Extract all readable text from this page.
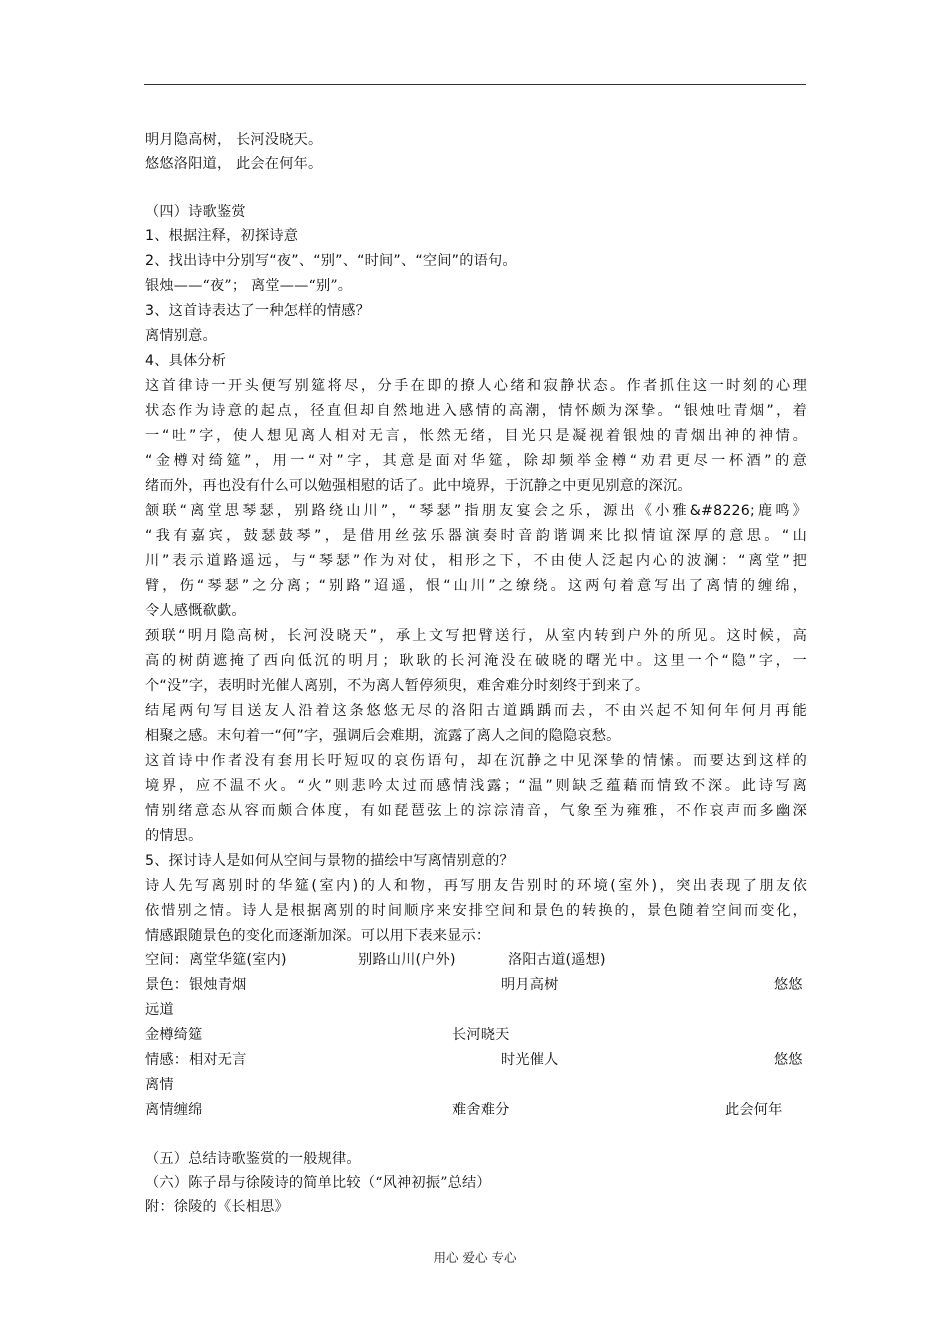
明月隐高树， 长河没晓天。
悠悠洛阳道， 此会在何年。
（四）诗歌鉴赏
1、根据注释，初探诗意
2、找出诗中分别写“夜”、“别”、“时间”、“空间”的语句。
银烛——“夜”； 离堂——“别”。
3、这首诗表达了一种怎样的情感？
离情别意。
4、具体分析
这首律诗一开头便写别筵将尽，分手在即的撩人心绪和寂静状态。作者抓住这一时刻的心理
状态作为诗意的起点，径直但却自然地进入感情的高潮，情怀颇为深挚。“银烛吐青烟”，着
一“吐”字，使人想见离人相对无言，怅然无绪，目光只是凝视着银烛的青烟出神的神情。
“金樽对绮筵”，用一“对”字，其意是面对华筵，除却频举金樽“劝君更尽一杯酒”的意
绪而外，再也没有什么可以勉强相慰的话了。此中境界，于沉静之中更见别意的深沉。
颔联“离堂思琴瑟，别路绕山川”，“琴瑟”指朋友宴会之乐，源出《小雅&#8226;鹿鸣》
“我有嘉宾，鼓瑟鼓琴”，是借用丝弦乐器演奏时音韵谐调来比拟情谊深厚的意思。“山
川”表示道路遥远，与“琴瑟”作为对仗，相形之下，不由使人泛起内心的波澜：“离堂”把
臂，伤“琴瑟”之分离；“别路”迢遥，恨“山川”之缭绕。这两句着意写出了离情的缠绵，
令人感慨欷歔。
颈联“明月隐高树，长河没晓天”，承上文写把臂送行，从室内转到户外的所见。这时候，高
高的树荫遮掩了西向低沉的明月；耿耿的长河淹没在破晓的曙光中。这里一个“隐”字，一
个“没”字，表明时光催人离别，不为离人暂停须臾，难舍难分时刻终于到来了。
结尾两句写目送友人沿着这条悠悠无尽的洛阳古道踽踽而去，不由兴起不知何年何月再能
相聚之感。末句着一“何”字，强调后会难期，流露了离人之间的隐隐哀愁。
这首诗中作者没有套用长吁短叹的哀伤语句，却在沉静之中见深挚的情愫。而要达到这样的
境界，应不温不火。“火”则悲吟太过而感情浅露；“温”则缺乏蕴藉而情致不深。此诗写离
情别绪意态从容而颇合体度，有如琵琶弦上的淙淙清音，气象至为雍雅，不作哀声而多幽深
的情思。
5、探讨诗人是如何从空间与景物的描绘中写离情别意的？
诗人先写离别时的华筵(室内)的人和物，再写朋友告别时的环境(室外)，突出表现了朋友依
依惜别之情。诗人是根据离别的时间顺序来安排空间和景色的转换的，景色随着空间而变化，
情感跟随景色的变化而逐渐加深。可以用下表来显示：
空间： 离堂华筵(室内)	别路山川(户外)	洛阳古道(遥想)
景色： 银烛青烟	明月高树	悠悠
远道
金樽绮筵	长河晓天
情感： 相对无言	时光催人	悠悠
离情
离情缠绵	难舍难分	此会何年
（五）总结诗歌鉴赏的一般规律。
（六）陈子昂与徐陵诗的简单比较（“风神初振”总结）
附：徐陵的《长相思》
用心 爱心 专心
